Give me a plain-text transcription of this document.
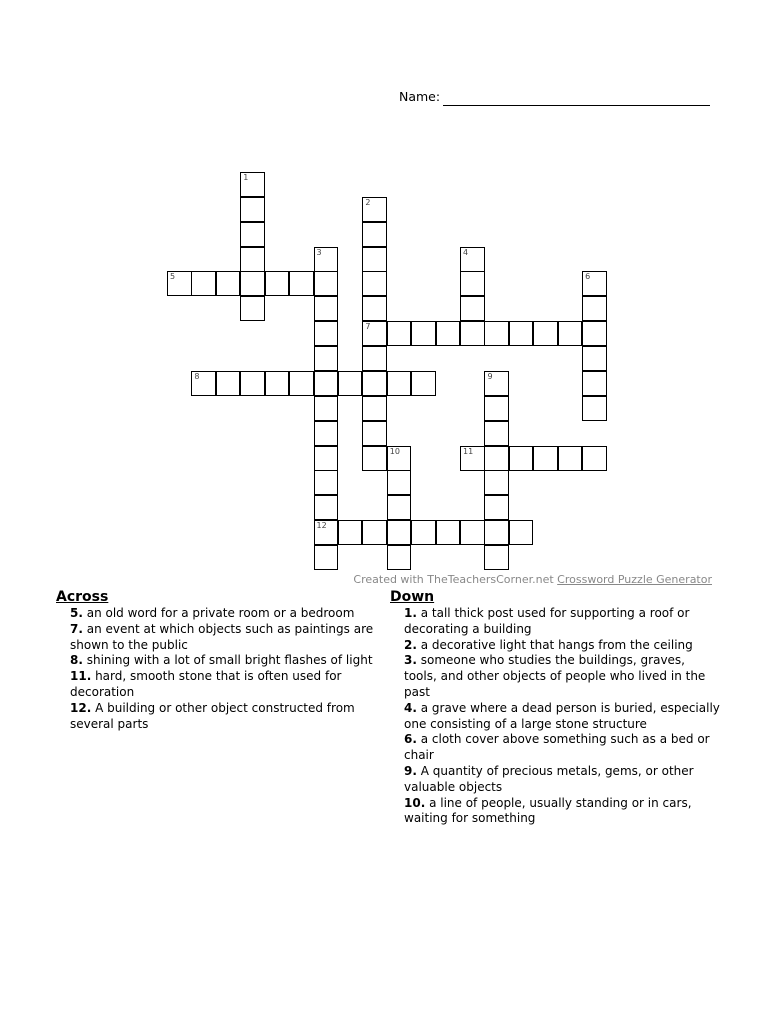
Name:
1
2
7
3
12
4
5	6
8	9
10	11
Created with TheTeachersCorner.net Crossword Puzzle Generator
Across
5. an old word for a private room or a bedroom
7. an event at which objects such as paintings are shown to the public
8. shining with a lot of small bright flashes of light
11. hard, smooth stone that is often used for decoration
12. A building or other object constructed from several parts
Down
1. a tall thick post used for supporting a roof or decorating a building
2. a decorative light that hangs from the ceiling
3. someone who studies the buildings, graves, tools, and other objects of people who lived in the past
4. a grave where a dead person is buried, especially one consisting of a large stone structure
6. a cloth cover above something such as a bed or chair
9. A quantity of precious metals, gems, or other valuable objects
10. a line of people, usually standing or in cars, waiting for something
